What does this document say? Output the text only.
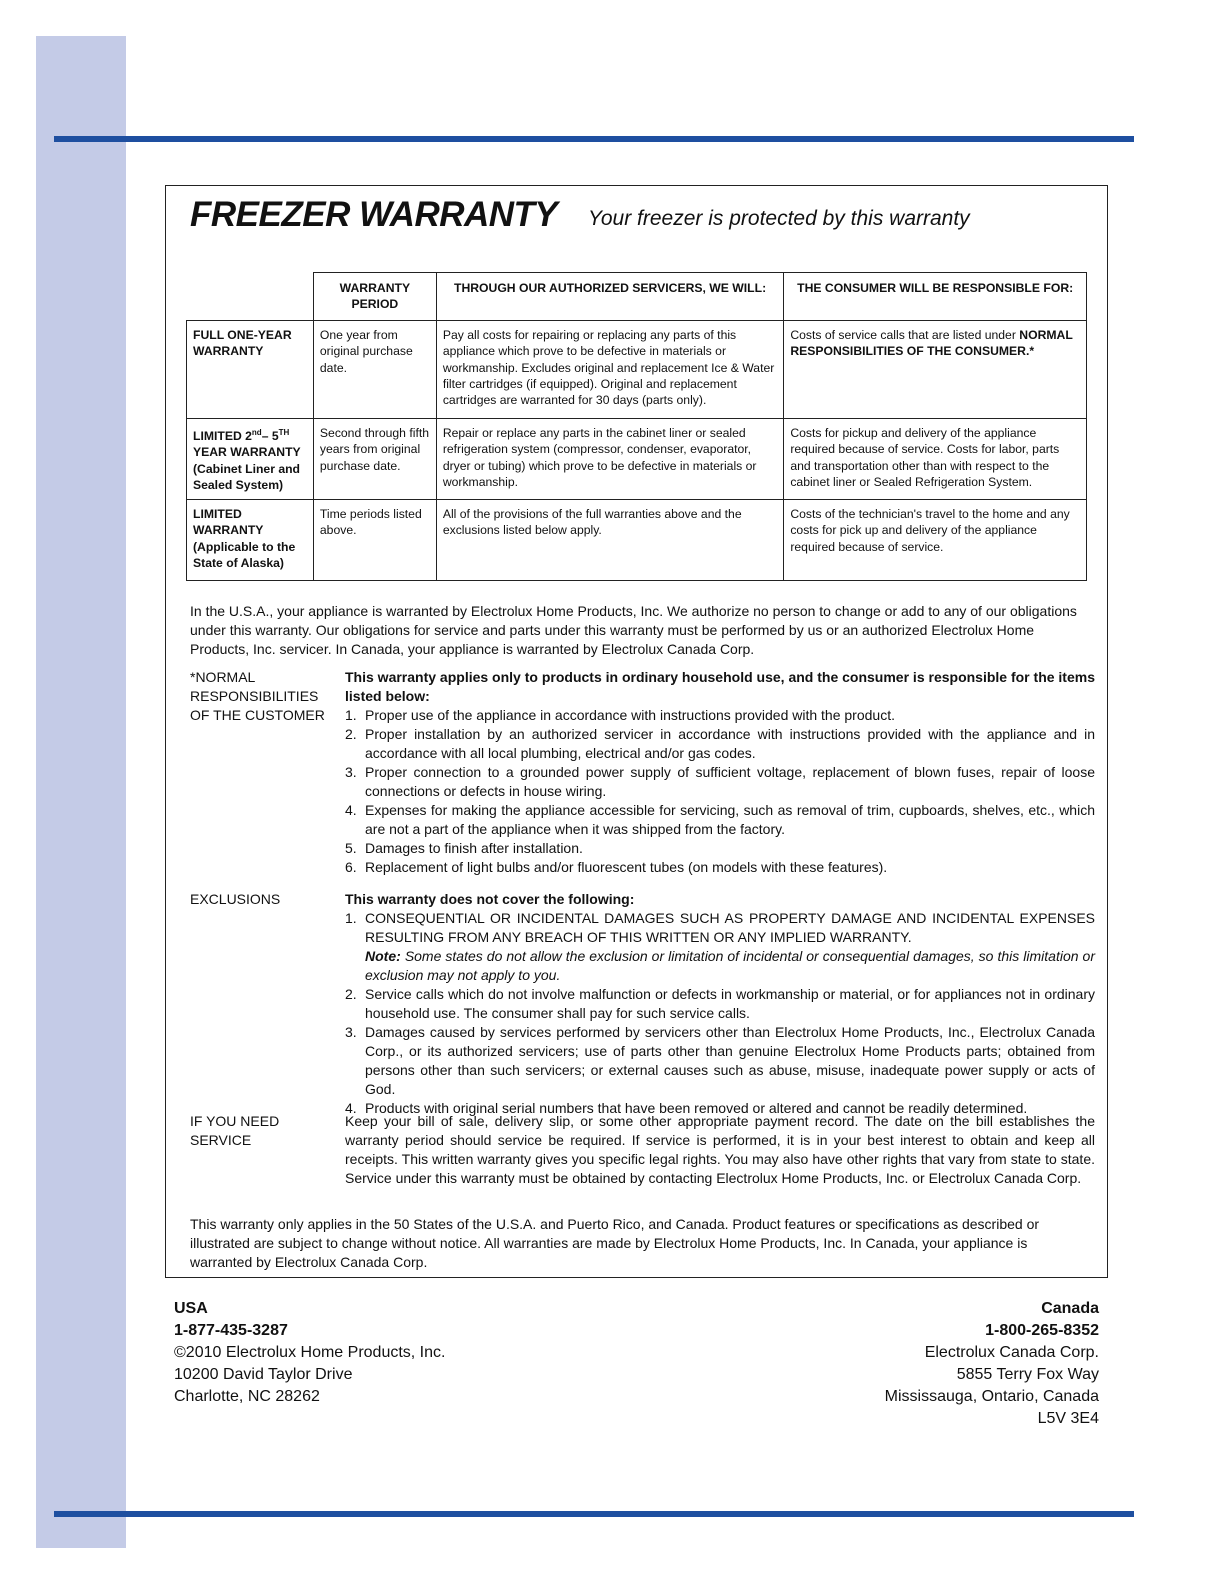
FREEZER WARRANTY Your freezer is protected by this warranty
	WARRANTY PERIOD	THROUGH OUR AUTHORIZED SERVICERS, WE WILL:	THE CONSUMER WILL BE RESPONSIBLE FOR:
FULL ONE-YEAR WARRANTY	One year from original purchase date.	Pay all costs for repairing or replacing any parts of this appliance which prove to be defective in materials or workmanship. Excludes original and replacement Ice & Water filter cartridges (if equipped). Original and replacement cartridges are warranted for 30 days (parts only).	Costs of service calls that are listed under NORMAL RESPONSIBILITIES OF THE CONSUMER.*
LIMITED 2nd– 5TH YEAR WARRANTY (Cabinet Liner and Sealed System)	Second through fifth years from original purchase date.	Repair or replace any parts in the cabinet liner or sealed refrigeration system (compressor, condenser, evaporator, dryer or tubing) which prove to be defective in materials or workmanship.	Costs for pickup and delivery of the appliance required because of service. Costs for labor, parts and transportation other than with respect to the cabinet liner or Sealed Refrigeration System.
LIMITED WARRANTY (Applicable to the State of Alaska)	Time periods listed above.	All of the provisions of the full warranties above and the exclusions listed below apply.	Costs of the technician's travel to the home and any costs for pick up and delivery of the appliance required because of service.
In the U.S.A., your appliance is warranted by Electrolux Home Products, Inc. We authorize no person to change or add to any of our obligations under this warranty. Our obligations for service and parts under this warranty must be performed by us or an authorized Electrolux Home Products, Inc. servicer. In Canada, your appliance is warranted by Electrolux Canada Corp.
*NORMAL
RESPONSIBILITIES
OF THE CUSTOMER
This warranty applies only to products in ordinary household use, and the consumer is responsible for the items listed below:
1. Proper use of the appliance in accordance with instructions provided with the product.
2. Proper installation by an authorized servicer in accordance with instructions provided with the appliance and in accordance with all local plumbing, electrical and/or gas codes.
3. Proper connection to a grounded power supply of sufficient voltage, replacement of blown fuses, repair of loose connections or defects in house wiring.
4. Expenses for making the appliance accessible for servicing, such as removal of trim, cupboards, shelves, etc., which are not a part of the appliance when it was shipped from the factory.
5. Damages to finish after installation.
6. Replacement of light bulbs and/or fluorescent tubes (on models with these features).
EXCLUSIONS	This warranty does not cover the following:
1. CONSEQUENTIAL OR INCIDENTAL DAMAGES SUCH AS PROPERTY DAMAGE AND INCIDENTAL EXPENSES RESULTING FROM ANY BREACH OF THIS WRITTEN OR ANY IMPLIED WARRANTY.
Note: Some states do not allow the exclusion or limitation of incidental or consequential damages, so this limitation or exclusion may not apply to you.
2. Service calls which do not involve malfunction or defects in workmanship or material, or for appliances not in ordinary household use. The consumer shall pay for such service calls.
3. Damages caused by services performed by servicers other than Electrolux Home Products, Inc., Electrolux Canada Corp., or its authorized servicers; use of parts other than genuine Electrolux Home Products parts; obtained from persons other than such servicers; or external causes such as abuse, misuse, inadequate power supply or acts of God.
4. Products with original serial numbers that have been removed or altered and cannot be readily determined.
IF YOU NEED
SERVICE
Keep your bill of sale, delivery slip, or some other appropriate payment record. The date on the bill establishes the warranty period should service be required. If service is performed, it is in your best interest to obtain and keep all receipts. This written warranty gives you specific legal rights. You may also have other rights that vary from state to state. Service under this warranty must be obtained by contacting Electrolux Home Products, Inc. or Electrolux Canada Corp.
This warranty only applies in the 50 States of the U.S.A. and Puerto Rico, and Canada. Product features or specifications as described or illustrated are subject to change without notice. All warranties are made by Electrolux Home Products, Inc. In Canada, your appliance is warranted by Electrolux Canada Corp.
USA
1-877-435-3287
©2010 Electrolux Home Products, Inc.
10200 David Taylor Drive
Charlotte, NC 28262
Canada
1-800-265-8352
Electrolux Canada Corp.
5855 Terry Fox Way
Mississauga, Ontario, Canada
L5V 3E4
